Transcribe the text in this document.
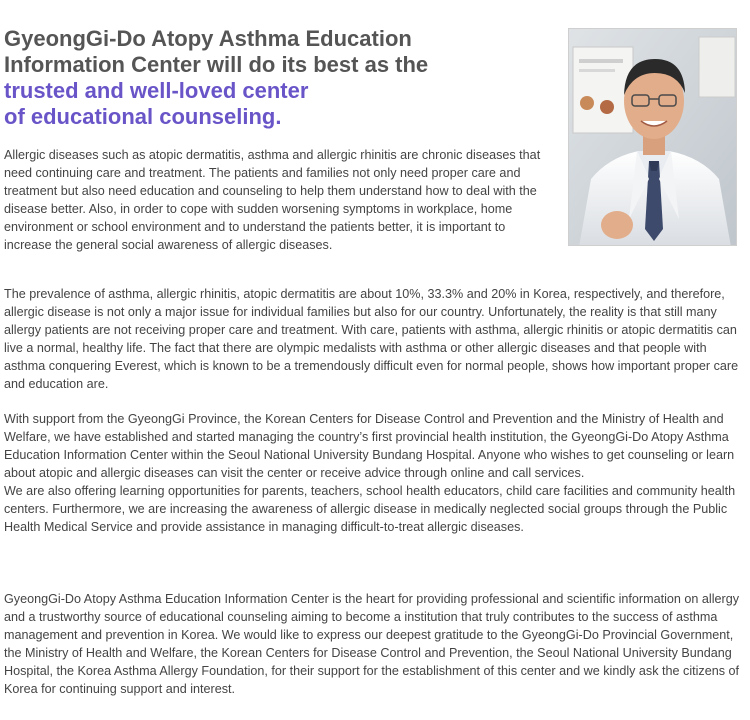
GyeongGi-Do Atopy Asthma Education
Information Center will do its best as the
trusted and well-loved center
of educational counseling.

Allergic diseases such as atopic dermatitis, asthma and allergic rhinitis are chronic diseases that need continuing care and treatment. The patients and families not only need proper care and treatment but also need education and counseling to help them understand how to deal with the disease better. Also, in order to cope with sudden worsening symptoms in workplace, home environment or school environment and to understand the patients better, it is important to increase the general social awareness of allergic diseases.

The prevalence of asthma, allergic rhinitis, atopic dermatitis are about 10%, 33.3% and 20% in Korea, respectively, and therefore, allergic disease is not only a major issue for individual families but also for our country. Unfortunately, the reality is that still many allergy patients are not receiving proper care and treatment. With care, patients with asthma, allergic rhinitis or atopic dermatitis can live a normal, healthy life. The fact that there are olympic medalists with asthma or other allergic diseases and that people with asthma conquering Everest, which is known to be a tremendously difficult even for normal people, shows how important proper care and education are.

With support from the GyeongGi Province, the Korean Centers for Disease Control and Prevention and the Ministry of Health and Welfare, we have established and started managing the country’s first provincial health institution, the GyeongGi-Do Atopy Asthma Education Information Center within the Seoul National University Bundang Hospital. Anyone who wishes to get counseling or learn about atopic and allergic diseases can visit the center or receive advice through online and call services.
We are also offering learning opportunities for parents, teachers, school health educators, child care facilities and community health centers. Furthermore, we are increasing the awareness of allergic disease in medically neglected social groups through the Public Health Medical Service and provide assistance in managing difficult-to-treat allergic diseases.

GyeongGi-Do Atopy Asthma Education Information Center is the heart for providing professional and scientific information on allergy and a trustworthy source of educational counseling aiming to become a institution that truly contributes to the success of asthma management and prevention in Korea. We would like to express our deepest gratitude to the GyeongGi-Do Provincial Government, the Ministry of Health and Welfare, the Korean Centers for Disease Control and Prevention, the Seoul National University Bundang Hospital, the Korea Asthma Allergy Foundation, for their support for the establishment of this center and we kindly ask the citizens of Korea for continuing support and interest.
